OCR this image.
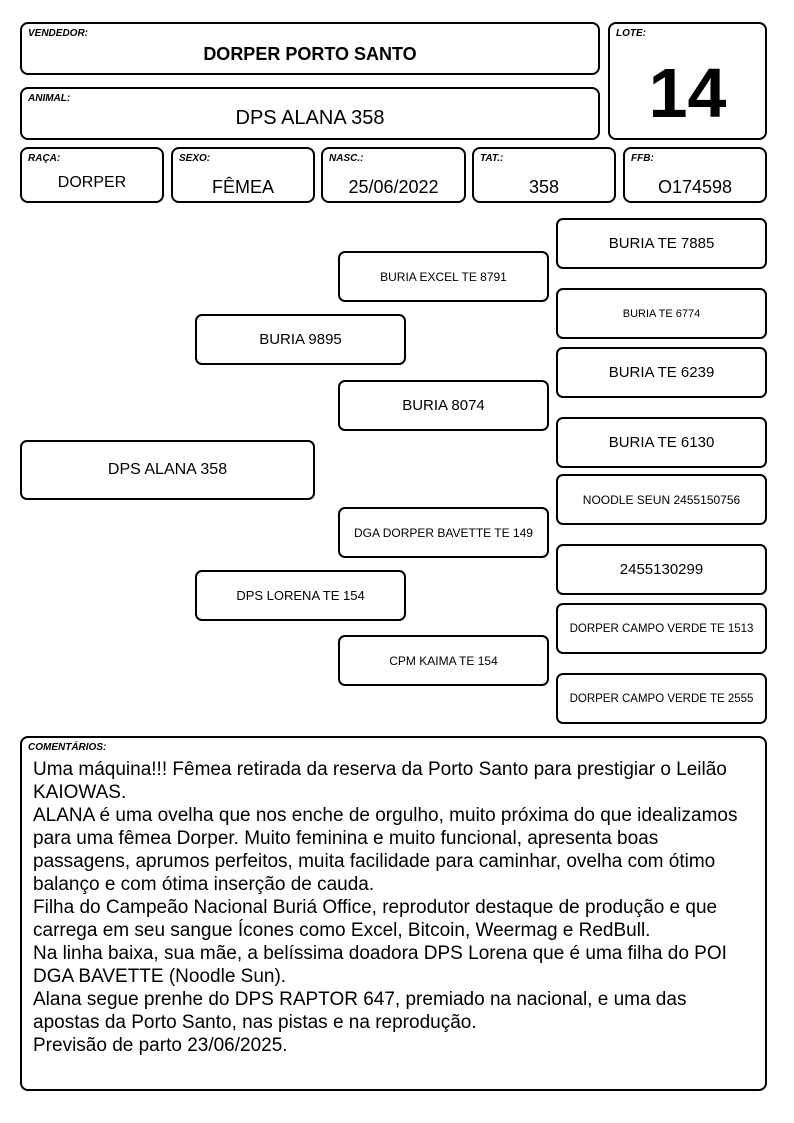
VENDEDOR:
DORPER PORTO SANTO
ANIMAL:
DPS ALANA 358
LOTE:
14
RAÇA:
DORPER
SEXO:
FÊMEA
NASC.:
25/06/2022
TAT.:
358
FFB:
O174598
DPS ALANA 358
BURIA 9895
DPS LORENA TE 154
BURIA EXCEL TE 8791
BURIA 8074
DGA DORPER BAVETTE TE 149
CPM KAIMA TE 154
BURIA TE 7885
BURIA TE 6774
BURIA TE 6239
BURIA TE 6130
NOODLE SEUN 2455150756
2455130299
DORPER CAMPO VERDE TE 1513
DORPER CAMPO VERDE TE 2555
COMENTÁRIOS:
Uma máquina!!! Fêmea retirada da reserva da Porto Santo para prestigiar o Leilão KAIOWAS.
ALANA é uma ovelha que nos enche de orgulho, muito próxima do que idealizamos para uma fêmea Dorper. Muito feminina e muito funcional, apresenta boas passagens, aprumos perfeitos, muita facilidade para caminhar, ovelha com ótimo balanço e com ótima inserção de cauda.
Filha do Campeão Nacional Buriá Office, reprodutor destaque de produção e que carrega em seu sangue Ícones como Excel, Bitcoin, Weermag e RedBull.
Na linha baixa, sua mãe, a belíssima doadora DPS Lorena que é uma filha do POI DGA BAVETTE (Noodle Sun).
Alana segue prenhe do DPS RAPTOR 647, premiado na nacional, e uma das apostas da Porto Santo, nas pistas e na reprodução.
Previsão de parto 23/06/2025.
